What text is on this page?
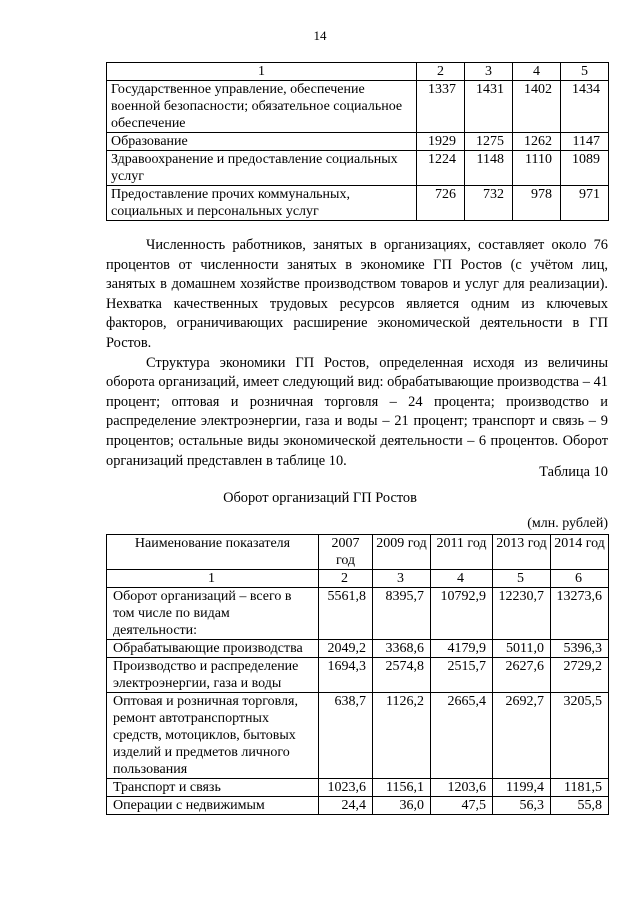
14
1	2	3	4	5
Государственное управление, обеспечение военной безопасности; обязательное социальное обеспечение	1337	1431	1402	1434
Образование	1929	1275	1262	1147
Здравоохранение и предоставление социальных услуг	1224	1148	1110	1089
Предоставление прочих коммунальных, социальных и персональных услуг	726	732	978	971

Численность работников, занятых в организациях, составляет около 76 процентов от численности занятых в экономике ГП Ростов (с учётом лиц, занятых в домашнем хозяйстве производством товаров и услуг для реализации). Нехватка качественных трудовых ресурсов является одним из ключевых факторов, ограничивающих расширение экономической деятельности в ГП Ростов.

Структура экономики ГП Ростов, определенная исходя из величины оборота организаций, имеет следующий вид: обрабатывающие производства – 41 процент; оптовая и розничная торговля – 24 процента; производство и распределение электроэнергии, газа и воды – 21 процент; транспорт и связь – 9 процентов; остальные виды экономической деятельности – 6 процентов. Оборот организаций представлен в таблице 10.

Таблица 10
Оборот организаций ГП Ростов
(млн. рублей)
Наименование показателя	2007 год	2009 год	2011 год	2013 год	2014 год
1	2	3	4	5	6
Оборот организаций – всего в том числе по видам деятельности:	5561,8	8395,7	10792,9	12230,7	13273,6
Обрабатывающие производства	2049,2	3368,6	4179,9	5011,0	5396,3
Производство и распределение электроэнергии, газа и воды	1694,3	2574,8	2515,7	2627,6	2729,2
Оптовая и розничная торговля, ремонт автотранспортных средств, мотоциклов, бытовых изделий и предметов личного пользования	638,7	1126,2	2665,4	2692,7	3205,5
Транспорт и связь	1023,6	1156,1	1203,6	1199,4	1181,5
Операции с недвижимым	24,4	36,0	47,5	56,3	55,8
